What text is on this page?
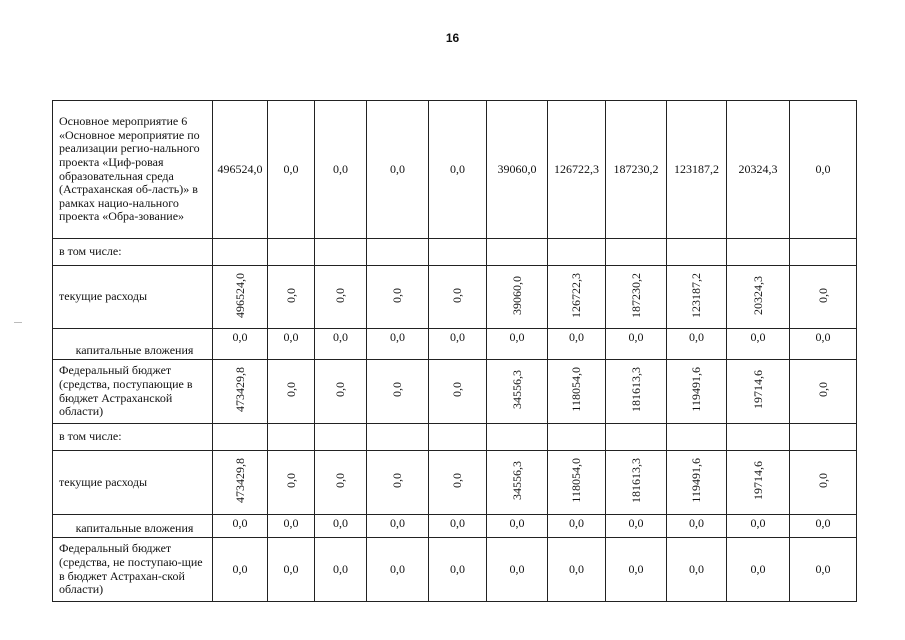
16
Основное мероприятие 6 «Основное мероприятие по реализации регио-нального проекта «Циф-ровая образовательная среда (Астраханская об-ласть)» в рамках нацио-нального проекта «Обра-зование»	496524,0	0,0	0,0	0,0	0,0	39060,0	126722,3	187230,2	123187,2	20324,3	0,0
в том числе:											
текущие расходы	496524,0	0,0	0,0	0,0	0,0	39060,0	126722,3	187230,2	123187,2	20324,3	0,0
капитальные вложения	0,0	0,0	0,0	0,0	0,0	0,0	0,0	0,0	0,0	0,0	0,0
Федеральный бюджет (средства, поступающие в бюджет Астраханской области)	473429,8	0,0	0,0	0,0	0,0	34556,3	118054,0	181613,3	119491,6	19714,6	0,0
в том числе:											
текущие расходы	473429,8	0,0	0,0	0,0	0,0	34556,3	118054,0	181613,3	119491,6	19714,6	0,0
капитальные вложения	0,0	0,0	0,0	0,0	0,0	0,0	0,0	0,0	0,0	0,0	0,0
Федеральный бюджет (средства, не поступаю-щие в бюджет Астрахан-ской области)	0,0	0,0	0,0	0,0	0,0	0,0	0,0	0,0	0,0	0,0	0,0
